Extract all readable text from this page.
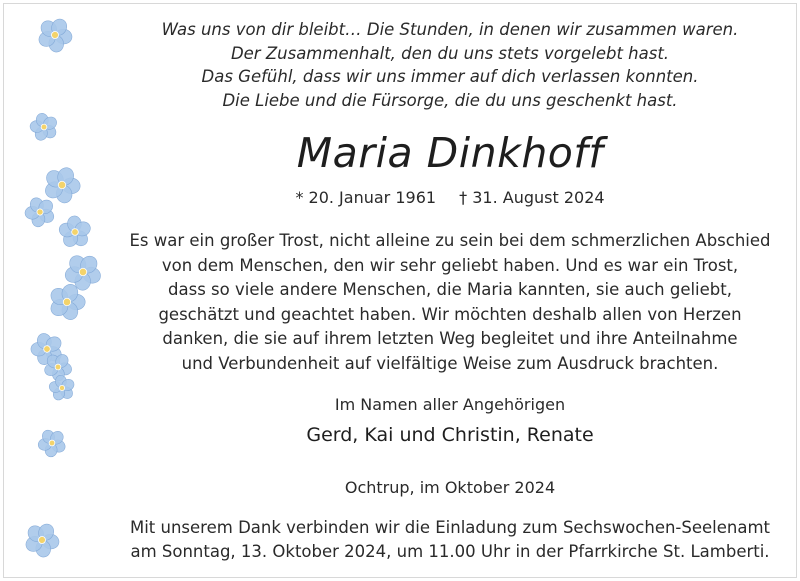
Was uns von dir bleibt… Die Stunden, in denen wir zusammen waren.
Der Zusammenhalt, den du uns stets vorgelebt hast.
Das Gefühl, dass wir uns immer auf dich verlassen konnten.
Die Liebe und die Fürsorge, die du uns geschenkt hast.
Maria Dinkhoff
* 20. Januar 1961 † 31. August 2024
Es war ein großer Trost, nicht alleine zu sein bei dem schmerzlichen Abschied
von dem Menschen, den wir sehr geliebt haben. Und es war ein Trost,
dass so viele andere Menschen, die Maria kannten, sie auch geliebt,
geschätzt und geachtet haben. Wir möchten deshalb allen von Herzen
danken, die sie auf ihrem letzten Weg begleitet und ihre Anteilnahme
und Verbundenheit auf vielfältige Weise zum Ausdruck brachten.
Im Namen aller Angehörigen
Gerd, Kai und Christin, Renate
Ochtrup, im Oktober 2024
Mit unserem Dank verbinden wir die Einladung zum Sechswochen-Seelenamt
am Sonntag, 13. Oktober 2024, um 11.00 Uhr in der Pfarrkirche St. Lamberti.
